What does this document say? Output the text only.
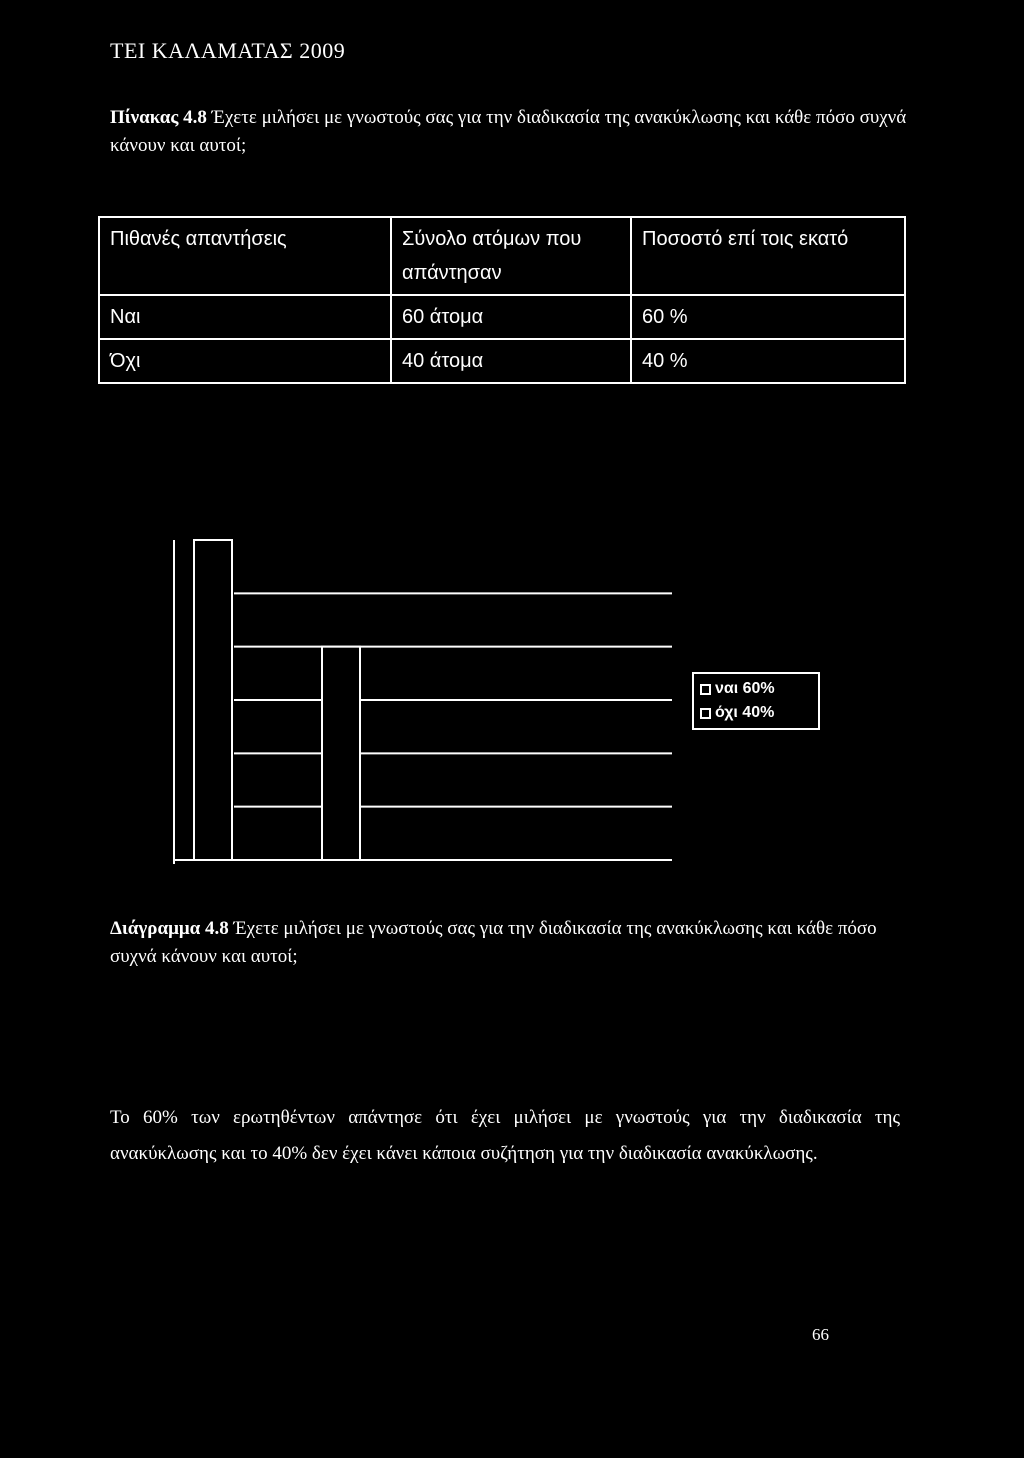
ΤΕΙ ΚΑΛΑΜΑΤΑΣ 2009
Πίνακας 4.8 Έχετε μιλήσει με γνωστούς σας για την διαδικασία της ανακύκλωσης και κάθε πόσο συχνά κάνουν και αυτοί;
Πιθανές απαντήσεις	Σύνολο ατόμων που απάντησαν	Ποσοστό επί τοις εκατό
Ναι	60 άτομα	60 %
Όχι	40 άτομα	40 %
ναι 60%
όχι 40%
Διάγραμμα 4.8 Έχετε μιλήσει με γνωστούς σας για την διαδικασία της ανακύκλωσης και κάθε πόσο συχνά κάνουν και αυτοί;
Το 60% των ερωτηθέντων απάντησε ότι έχει μιλήσει με γνωστούς για την διαδικασία της ανακύκλωσης και το 40% δεν έχει κάνει κάποια συζήτηση για την διαδικασία ανακύκλωσης.
66
